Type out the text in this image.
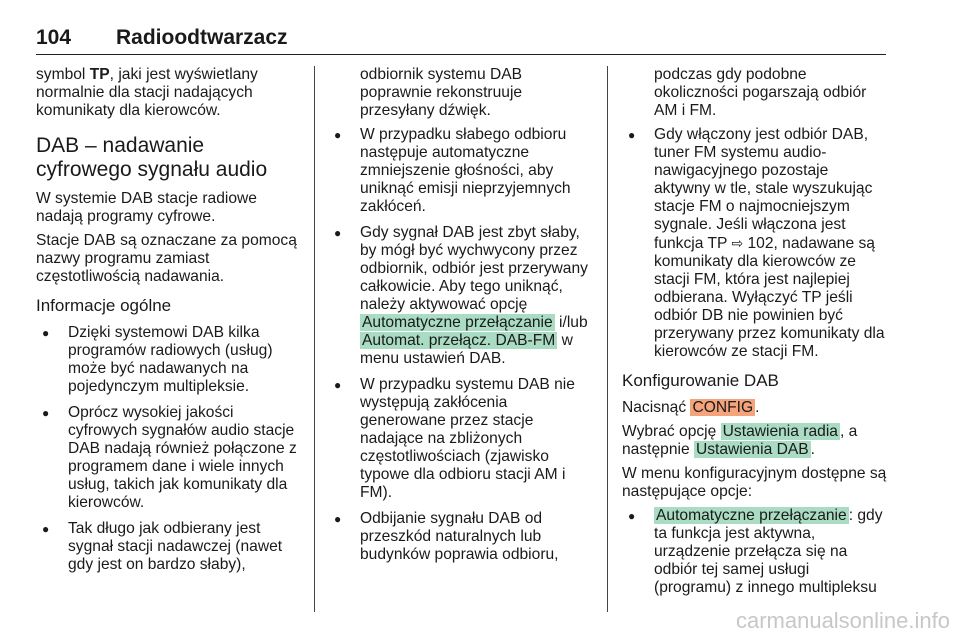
104 Radioodtwarzacz

symbol TP, jaki jest wyświetlany normalnie dla stacji nadających komunikaty dla kierowców.

DAB – nadawanie cyfrowego sygnału audio

W systemie DAB stacje radiowe nadają programy cyfrowe.

Stacje DAB są oznaczane za pomocą nazwy programu zamiast częstotliwością nadawania.

Informacje ogólne
● Dzięki systemowi DAB kilka programów radiowych (usług) może być nadawanych na pojedynczym multipleksie.
● Oprócz wysokiej jakości cyfrowych sygnałów audio stacje DAB nadają również połączone z programem dane i wiele innych usług, takich jak komunikaty dla kierowców.
● Tak długo jak odbierany jest sygnał stacji nadawczej (nawet gdy jest on bardzo słaby),

odbiornik systemu DAB poprawnie rekonstruuje przesyłany dźwięk.

● W przypadku słabego odbioru następuje automatyczne zmniejszenie głośności, aby uniknąć emisji nieprzyjemnych zakłóceń.
● Gdy sygnał DAB jest zbyt słaby, by mógł być wychwycony przez odbiornik, odbiór jest przerywany całkowicie. Aby tego uniknąć, należy aktywować opcję Automatyczne przełączanie i/lub Automat. przełącz. DAB-FM w menu ustawień DAB.
● W przypadku systemu DAB nie występują zakłócenia generowane przez stacje nadające na zbliżonych częstotliwościach (zjawisko typowe dla odbioru stacji AM i FM).
● Odbijanie sygnału DAB od przeszkód naturalnych lub budynków poprawia odbioru,

podczas gdy podobne okoliczności pogarszają odbiór AM i FM.

● Gdy włączony jest odbiór DAB, tuner FM systemu audio-nawigacyjnego pozostaje aktywny w tle, stale wyszukując stacje FM o najmocniejszym sygnale. Jeśli włączona jest funkcja TP ⇨ 102, nadawane są komunikaty dla kierowców ze stacji FM, która jest najlepiej odbierana. Wyłączyć TP jeśli odbiór DB nie powinien być przerywany przez komunikaty dla kierowców ze stacji FM.
Konfigurowanie DAB

Nacisnąć CONFIG .

Wybrać opcję Ustawienia radia , a następnie Ustawienia DAB .

W menu konfiguracyjnym dostępne są następujące opcje:

● Automatyczne przełączanie : gdy ta funkcja jest aktywna, urządzenie przełącza się na odbiór tej samej usługi (programu) z innego multipleksu
carmanualsonline.info
